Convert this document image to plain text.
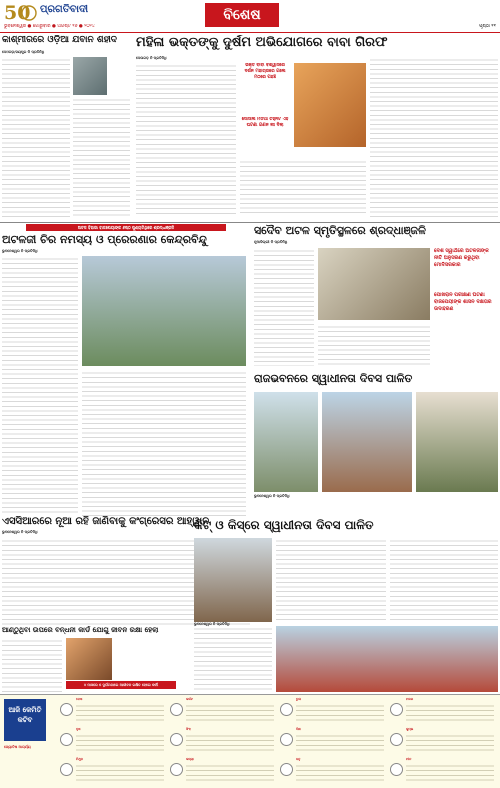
50 ପ୍ରଗତିବାଦୀ
ଭୁବନେଶ୍ୱର ● ଗୋରୁବାର ● ଅଗଷ୍ଟ ୧୬ ● ୨୦୨୪
ବିଶେଷ
ପୃଷ୍ଠା ୧୧
କାଶ୍ମୀରରେ ଓଡ଼ିଆ ଯବାନ ଶହୀଦ
ଦେଓଗଡ଼/ଜୟପୁର ନି ପ୍ରତିନିଧି
ମହିଳା ଭକ୍ତଙ୍କୁ ଦୁର୍ଷମ ଅଭିଯୋଗରେ ବାବା ଗିରଫ
ଦେଉଗଡ଼ ନି ପ୍ରତିନିଧି
ଭକ୍ତ ବାବା ବିଶ୍ୱାସରେ ଦର୍ଶନ ମହାଚାରରେ ଗଲେ ମଠରେ ପହଞ୍ଚ
ସୋସାଲ ମିଡିଆ ଚିହ୍ନଟ ଏହି ଘଟଣା ଗଣନ ଲୀ ଦିଲା
ଅଟଳ ବିହାରୀ ବାଜପେୟୀଙ୍କ ୬ଷ୍ଠ ପୁଣ୍ୟତିଥିରେ ଶ୍ରଦ୍ଧାଞ୍ଜଳି
ଅଟଳଜୀ ଚିର ନମସ୍ୟ ଓ ପ୍ରେରଣାର କେନ୍ଦ୍ରବିନ୍ଦୁ
ଭୁବନେଶ୍ୱର ନି ପ୍ରତିନିଧି
ସଦୈବ ଅଟଳ ସ୍ମୃତିସ୍ଥଳରେ ଶ୍ରଦ୍ଧାଞ୍ଜଳି
ନୂଆଦିଲ୍ଲୀ ନି ପ୍ରତିନିଧି
ଦେଶ ସ୍ୱାର୍ଥରେ ଅଟଳଜୀଙ୍କ ନୀତି ଅନୁସରଣ କରୁଥିବା ମୋଦିସରକାର
ପୋଖରାନ ପରୀକ୍ଷଣ ଘଟଣା ବାଜପେୟୀଙ୍କ ଶାସନ ଦକ୍ଷତାର ଉଦାହରଣ
ରାଜଭବନରେ ସ୍ୱାଧୀନତା ଦିବସ ପାଳିତ
ଭୁବନେଶ୍ୱର ନି ପ୍ରତିନିଧି
ଏସସିଆରରେ ନୂଆ ରହି ଜାଣିବାକୁ କଂଗ୍ରେସର ଆହ୍ୱାନ
ଭୁବନେଶ୍ୱର ନି ପ୍ରତିନିଧି
ଆଣ୍ଠୁଥିବା ଉପରେ ବନ୍ଧନୀ କାର୍ଡ ଯୋଗୁ ଜୀବନ ରକ୍ଷା ହେଲା
୪ ମାସରେ ୫ ଦୁର୍ଘଟଣାରେ ଆଜୀବନ ରକ୍ଷିତ ହେଲେ କର୍ମୀ
କିଟ୍ ଓ କିସ୍‌ରେ ସ୍ୱାଧୀନତା ଦିବସ ପାଳିତ
ଭୁବନେଶ୍ୱର ନି ପ୍ରତିନିଧି
ଆଜି କେମିତି କଟିବ
ଜ୍ୟୋତିଷ ଆଚାର୍ଯ୍ୟ
ମେଷ
ବୃଷ
ମିଥୁନ
କର୍କଟ
ସିଂହ
କନ୍ୟା
ତୁଳା
ବିଛା
ଧନୁ
ମକର
କୁମ୍ଭ
ମୀନ
